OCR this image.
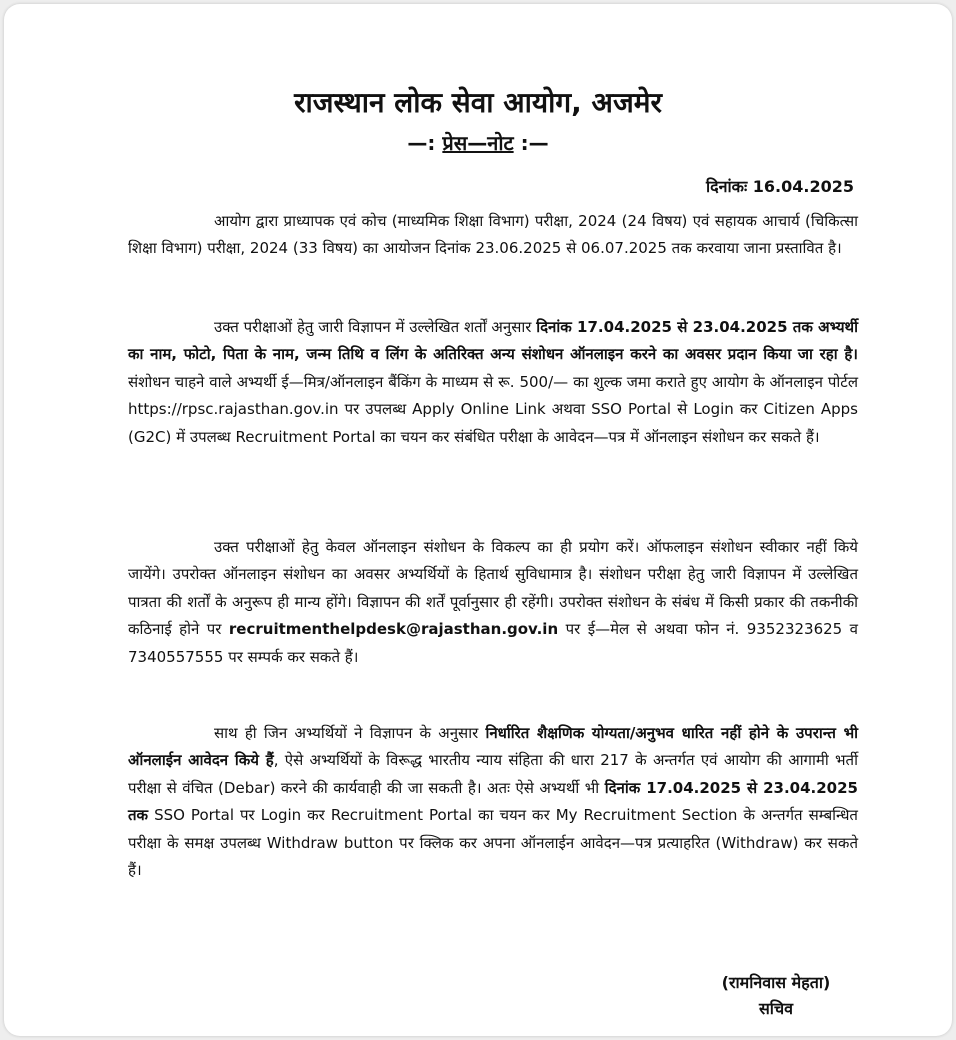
राजस्थान लोक सेवा आयोग, अजमेर
—: प्रेस—नोट :—
दिनांकः 16.04.2025

आयोग द्वारा प्राध्यापक एवं कोच (माध्यमिक शिक्षा विभाग) परीक्षा, 2024 (24 विषय) एवं सहायक आचार्य (चिकित्सा शिक्षा विभाग) परीक्षा, 2024 (33 विषय) का आयोजन दिनांक 23.06.2025 से 06.07.2025 तक करवाया जाना प्रस्तावित है।

उक्त परीक्षाओं हेतु जारी विज्ञापन में उल्लेखित शर्तों अनुसार दिनांक 17.04.2025 से 23.04.2025 तक अभ्यर्थी का नाम, फोटो, पिता के नाम, जन्म तिथि व लिंग के अतिरिक्त अन्य संशोधन ऑनलाइन करने का अवसर प्रदान किया जा रहा है। संशोधन चाहने वाले अभ्यर्थी ई—मित्र/ऑनलाइन बैंकिंग के माध्यम से रू. 500/— का शुल्क जमा कराते हुए आयोग के ऑनलाइन पोर्टल https://rpsc.rajasthan.gov.in पर उपलब्ध Apply Online Link अथवा SSO Portal से Login कर Citizen Apps (G2C) में उपलब्ध Recruitment Portal का चयन कर संबंधित परीक्षा के आवेदन—पत्र में ऑनलाइन संशोधन कर सकते हैं।

उक्त परीक्षाओं हेतु केवल ऑनलाइन संशोधन के विकल्प का ही प्रयोग करें। ऑफलाइन संशोधन स्वीकार नहीं किये जायेंगे। उपरोक्त ऑनलाइन संशोधन का अवसर अभ्यर्थियों के हितार्थ सुविधामात्र है। संशोधन परीक्षा हेतु जारी विज्ञापन में उल्लेखित पात्रता की शर्तों के अनुरूप ही मान्य होंगे। विज्ञापन की शर्तें पूर्वानुसार ही रहेंगी। उपरोक्त संशोधन के संबंध में किसी प्रकार की तकनीकी कठिनाई होने पर recruitmenthelpdesk@rajasthan.gov.in पर ई—मेल से अथवा फोन नं. 9352323625 व 7340557555 पर सम्पर्क कर सकते हैं।

साथ ही जिन अभ्यर्थियों ने विज्ञापन के अनुसार निर्धारित शैक्षणिक योग्यता/अनुभव धारित नहीं होने के उपरान्त भी ऑनलाईन आवेदन किये हैं, ऐसे अभ्यर्थियों के विरूद्ध भारतीय न्याय संहिता की धारा 217 के अन्तर्गत एवं आयोग की आगामी भर्ती परीक्षा से वंचित (Debar) करने की कार्यवाही की जा सकती है। अतः ऐसे अभ्यर्थी भी दिनांक 17.04.2025 से 23.04.2025 तक SSO Portal पर Login कर Recruitment Portal का चयन कर My Recruitment Section के अन्तर्गत सम्बन्धित परीक्षा के समक्ष उपलब्ध Withdraw button पर क्लिक कर अपना ऑनलाईन आवेदन—पत्र प्रत्याहरित (Withdraw) कर सकते हैं।

(रामनिवास मेहता)
सचिव
